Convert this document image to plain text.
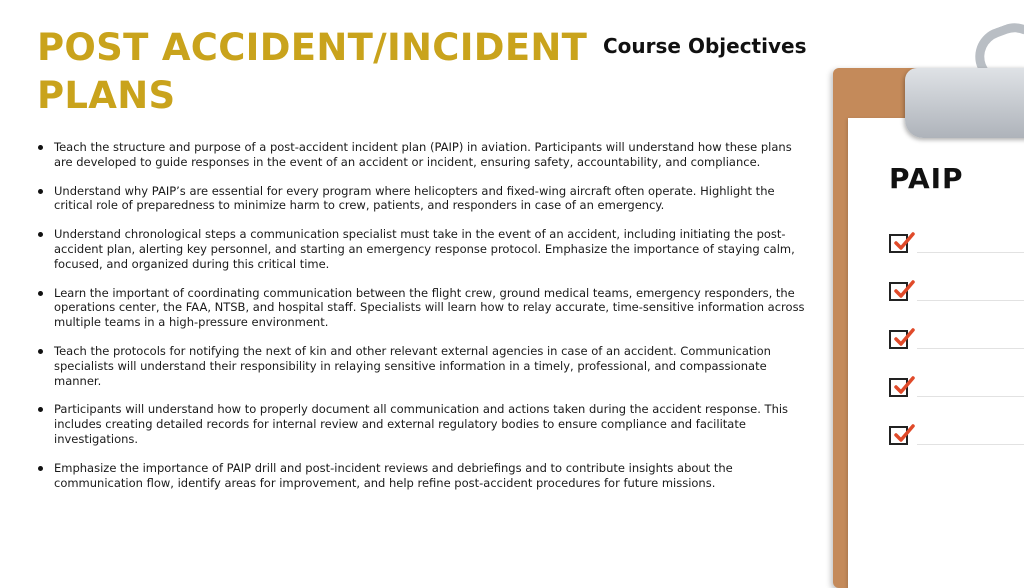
POST ACCIDENT/INCIDENT
PLANS
Course Objectives
Teach the structure and purpose of a post-accident incident plan (PAIP) in aviation. Participants will understand how these plans are developed to guide responses in the event of an accident or incident, ensuring safety, accountability, and compliance.
Understand why PAIP’s are essential for every program where helicopters and fixed-wing aircraft often operate. Highlight the critical role of preparedness to minimize harm to crew, patients, and responders in case of an emergency.
Understand chronological steps a communication specialist must take in the event of an accident, including initiating the post-accident plan, alerting key personnel, and starting an emergency response protocol. Emphasize the importance of staying calm, focused, and organized during this critical time.
Learn the important of coordinating communication between the flight crew, ground medical teams, emergency responders, the operations center, the FAA, NTSB, and hospital staff. Specialists will learn how to relay accurate, time-sensitive information across multiple teams in a high-pressure environment.
Teach the protocols for notifying the next of kin and other relevant external agencies in case of an accident. Communication specialists will understand their responsibility in relaying sensitive information in a timely, professional, and compassionate manner.
Participants will understand how to properly document all communication and actions taken during the accident response. This includes creating detailed records for internal review and external regulatory bodies to ensure compliance and facilitate investigations.
Emphasize the importance of PAIP drill and post-incident reviews and debriefings and to contribute insights about the communication flow, identify areas for improvement, and help refine post-accident procedures for future missions.
PAIP
